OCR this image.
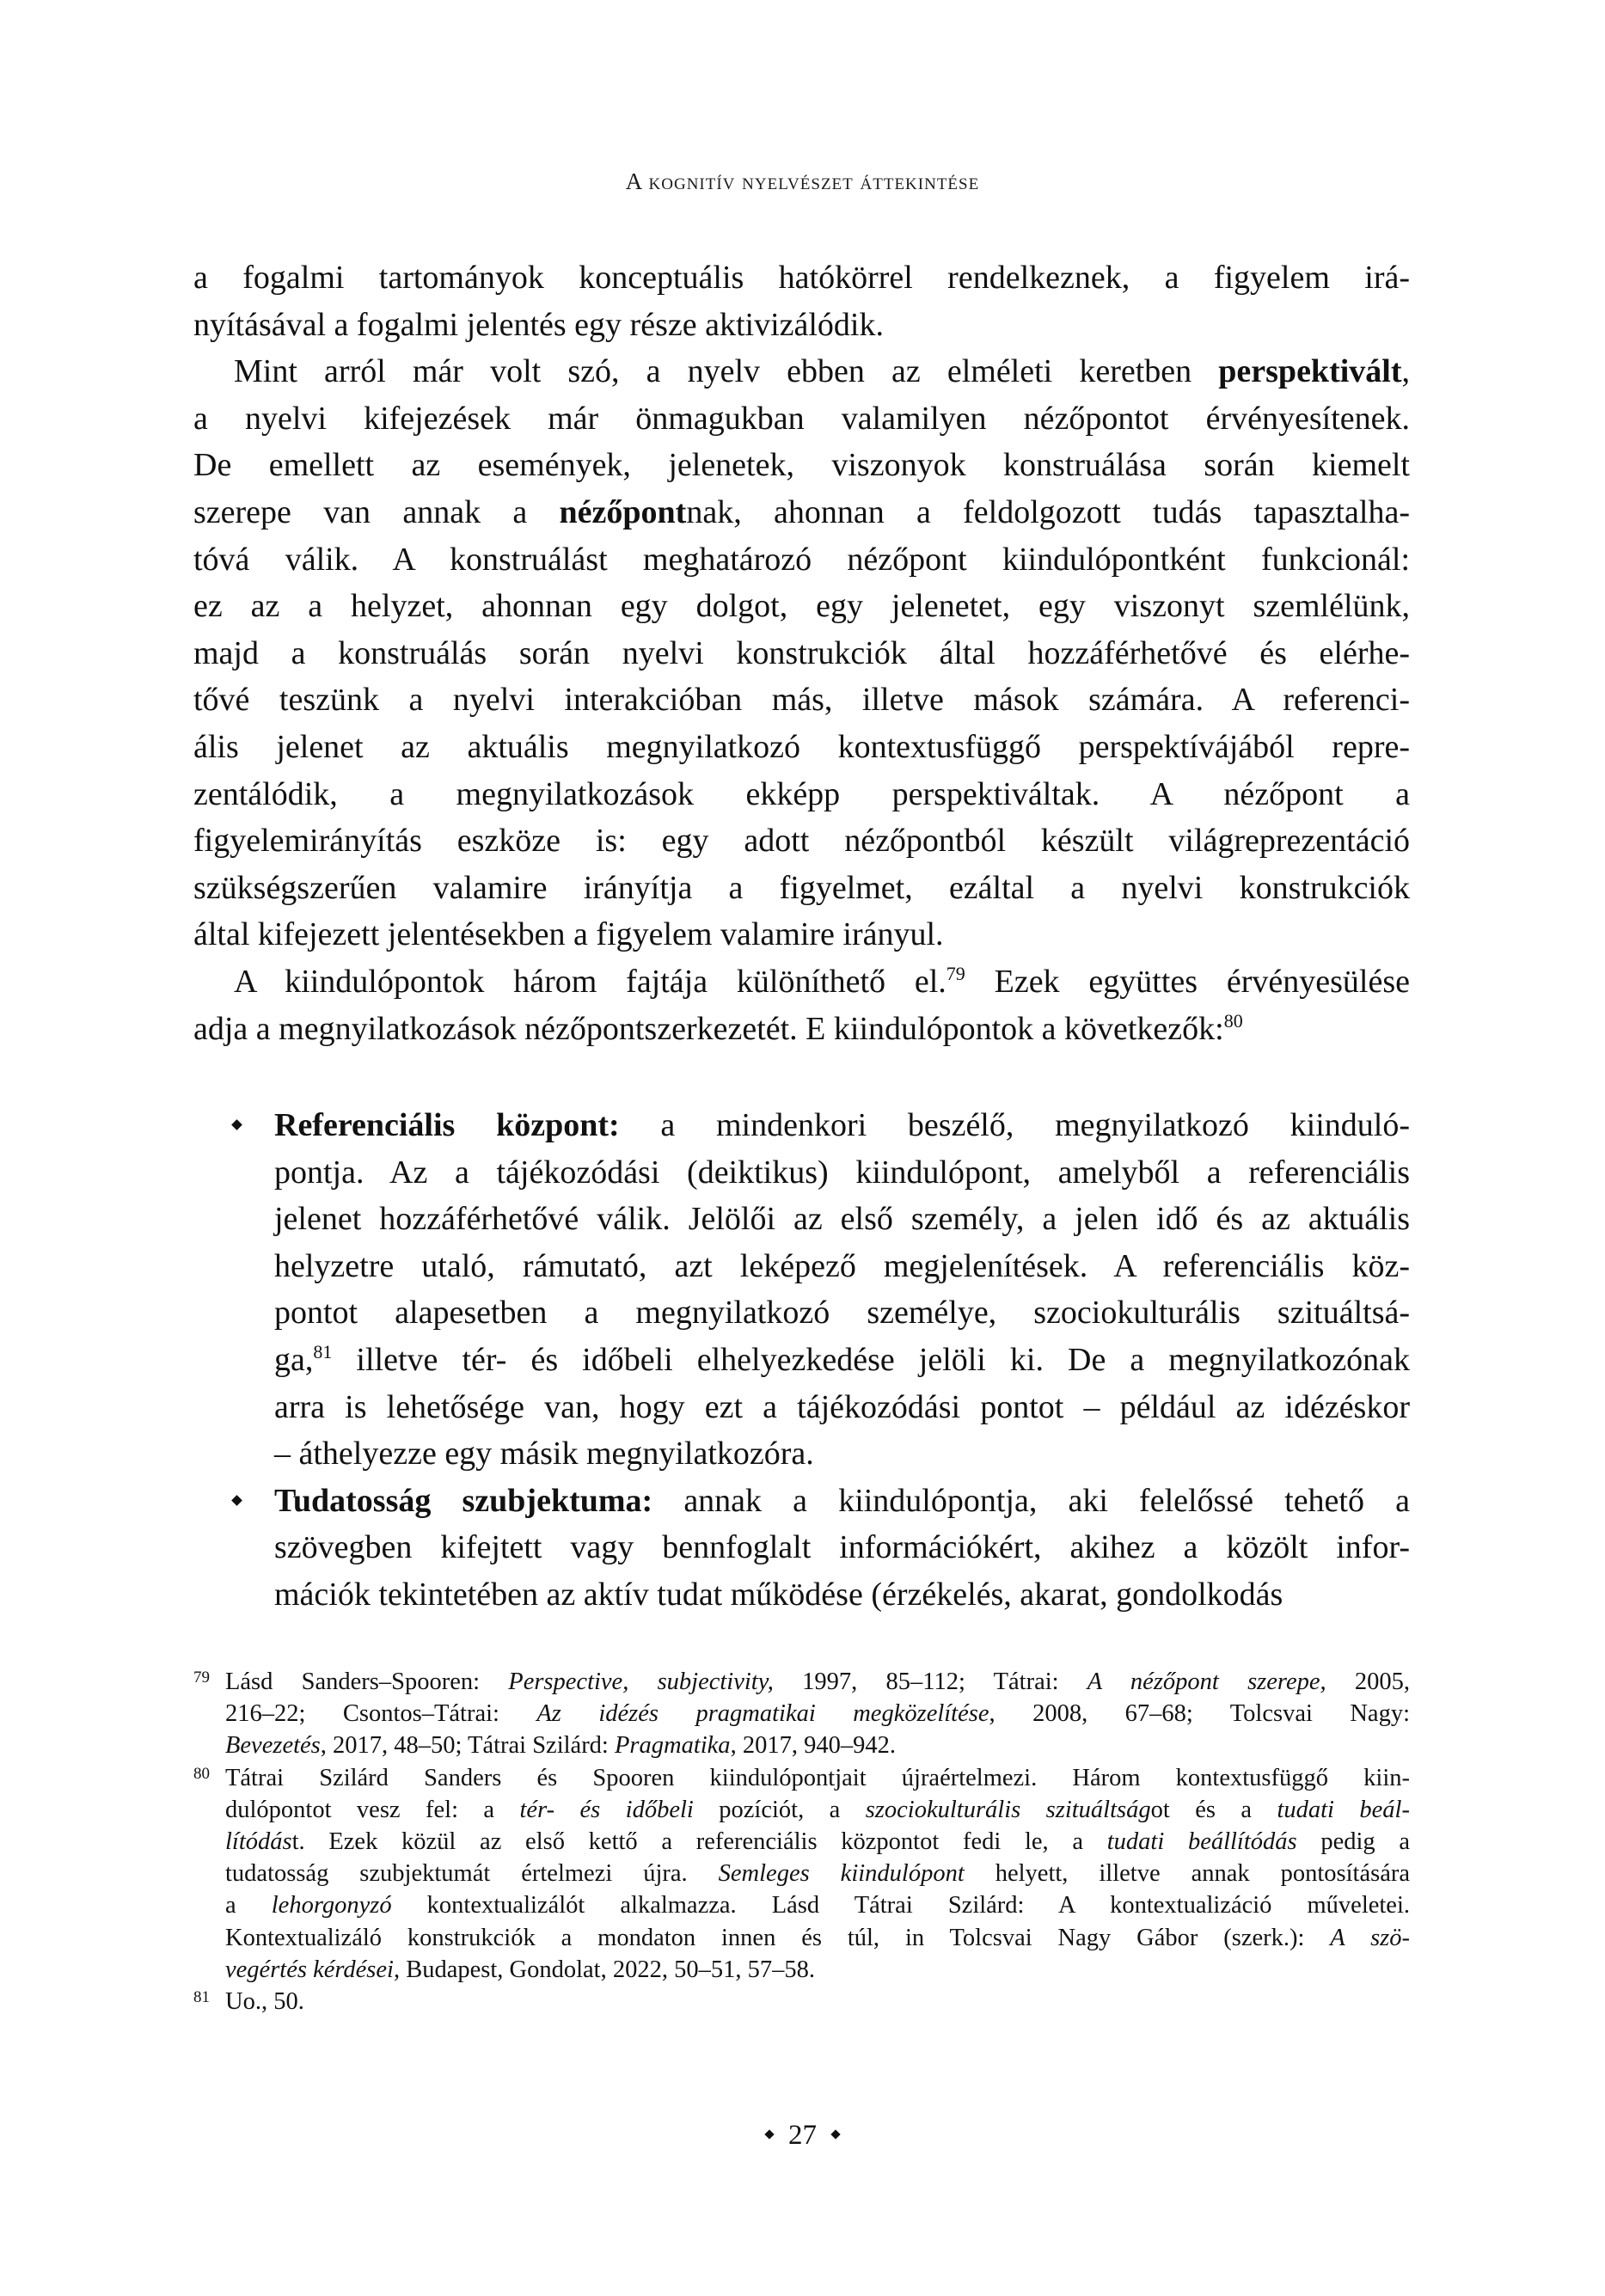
A kognitív nyelvészet áttekintése
a fogalmi tartományok konceptuális hatókörrel rendelkeznek, a figyelem irá-
nyításával a fogalmi jelentés egy része aktivizálódik.
Mint arról már volt szó, a nyelv ebben az elméleti keretben perspektivált,
a nyelvi kifejezések már önmagukban valamilyen nézőpontot érvényesítenek.
De emellett az események, jelenetek, viszonyok konstruálása során kiemelt
szerepe van annak a nézőpontnak, ahonnan a feldolgozott tudás tapasztalha-
tóvá válik. A konstruálást meghatározó nézőpont kiindulópontként funkcionál:
ez az a helyzet, ahonnan egy dolgot, egy jelenetet, egy viszonyt szemlélünk,
majd a konstruálás során nyelvi konstrukciók által hozzáférhetővé és elérhe-
tővé teszünk a nyelvi interakcióban más, illetve mások számára. A referenci-
ális jelenet az aktuális megnyilatkozó kontextusfüggő perspektívájából repre-
zentálódik, a megnyilatkozások ekképp perspektiváltak. A nézőpont a
figyelemirányítás eszköze is: egy adott nézőpontból készült világreprezentáció
szükségszerűen valamire irányítja a figyelmet, ezáltal a nyelvi konstrukciók
által kifejezett jelentésekben a figyelem valamire irányul.
A kiindulópontok három fajtája különíthető el.$^{79}$ Ezek együttes érvényesülése
adja a megnyilatkozások nézőpontszerkezetét. E kiindulópontok a következők:$^{80}$
Referenciális központ: a mindenkori beszélő, megnyilatkozó kiinduló-
pontja. Az a tájékozódási (deiktikus) kiindulópont, amelyből a referenciális
jelenet hozzáférhetővé válik. Jelölői az első személy, a jelen idő és az aktuális
helyzetre utaló, rámutató, azt leképező megjelenítések. A referenciális köz-
pontot alapesetben a megnyilatkozó személye, szociokulturális szituáltsá-
ga,$^{81}$ illetve tér- és időbeli elhelyezkedése jelöli ki. De a megnyilatkozónak
arra is lehetősége van, hogy ezt a tájékozódási pontot – például az idézéskor
– áthelyezze egy másik megnyilatkozóra.
Tudatosság szubjektuma: annak a kiindulópontja, aki felelőssé tehető a
szövegben kifejtett vagy bennfoglalt információkért, akihez a közölt infor-
mációk tekintetében az aktív tudat működése (érzékelés, akarat, gondolkodás
79 Lásd Sanders–Spooren: Perspective, subjectivity, 1997, 85–112; Tátrai: A nézőpont szerepe, 2005,
216–22; Csontos–Tátrai: Az idézés pragmatikai megközelítése, 2008, 67–68; Tolcsvai Nagy:
Bevezetés, 2017, 48–50; Tátrai Szilárd: Pragmatika, 2017, 940–942.
80 Tátrai Szilárd Sanders és Spooren kiindulópontjait újraértelmezi. Három kontextusfüggő kiin-
dulópontot vesz fel: a tér- és időbeli pozíciót, a szociokulturális szituáltságot és a tudati beál-
lítódást. Ezek közül az első kettő a referenciális központot fedi le, a tudati beállítódás pedig a
tudatosság szubjektumát értelmezi újra. Semleges kiindulópont helyett, illetve annak pontosítására
a lehorgonyzó kontextualizálót alkalmazza. Lásd Tátrai Szilárd: A kontextualizáció műveletei.
Kontextualizáló konstrukciók a mondaton innen és túl, in Tolcsvai Nagy Gábor (szerk.): A szö-
vegértés kérdései, Budapest, Gondolat, 2022, 50–51, 57–58.
81 Uo., 50.
27
